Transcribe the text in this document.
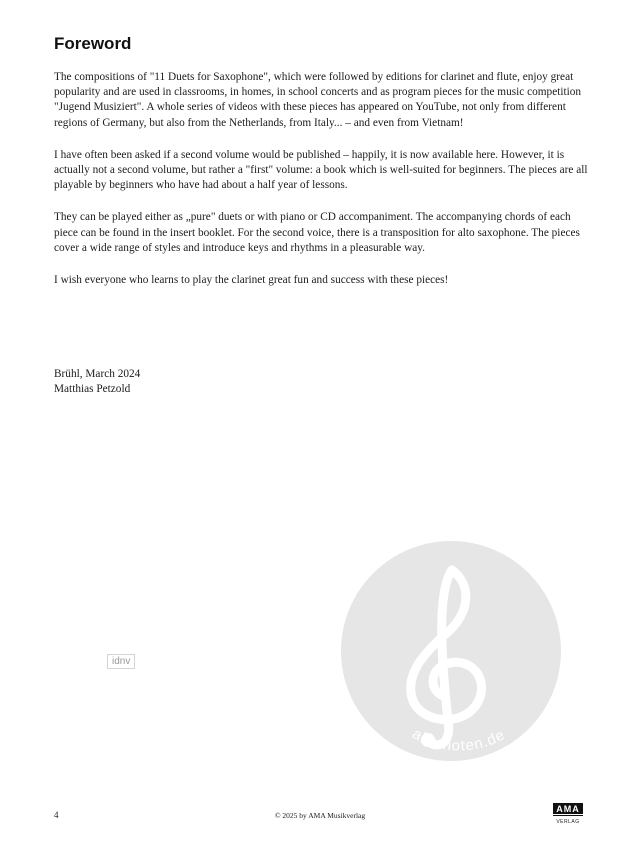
Foreword

The compositions of "11 Duets for Saxophone", which were followed by editions for clarinet and flute, enjoy great popularity and are used in classrooms, in homes, in school concerts and as program pieces for the music competition "Jugend Musiziert". A whole series of videos with these pieces has appeared on YouTube, not only from different regions of Germany, but also from the Netherlands, from Italy... – and even from Vietnam!

I have often been asked if a second volume would be published – happily, it is now available here. However, it is actually not a second volume, but rather a "first" volume: a book which is well-suited for beginners. The pieces are all playable by beginners who have had about a half year of lessons.

They can be played either as „pure" duets or with piano or CD accompaniment. The accompanying chords of each piece can be found in the insert booklet. For the second voice, there is a transposition for alto saxophone. The pieces cover a wide range of styles and introduce keys and rhythms in a pleasurable way.

I wish everyone who learns to play the clarinet great fun and success with these pieces!

Brühl, March 2024
Matthias Petzold
idnv
alle-noten.de
4	© 2025 by AMA Musikverlag
AMA
VERLAG
